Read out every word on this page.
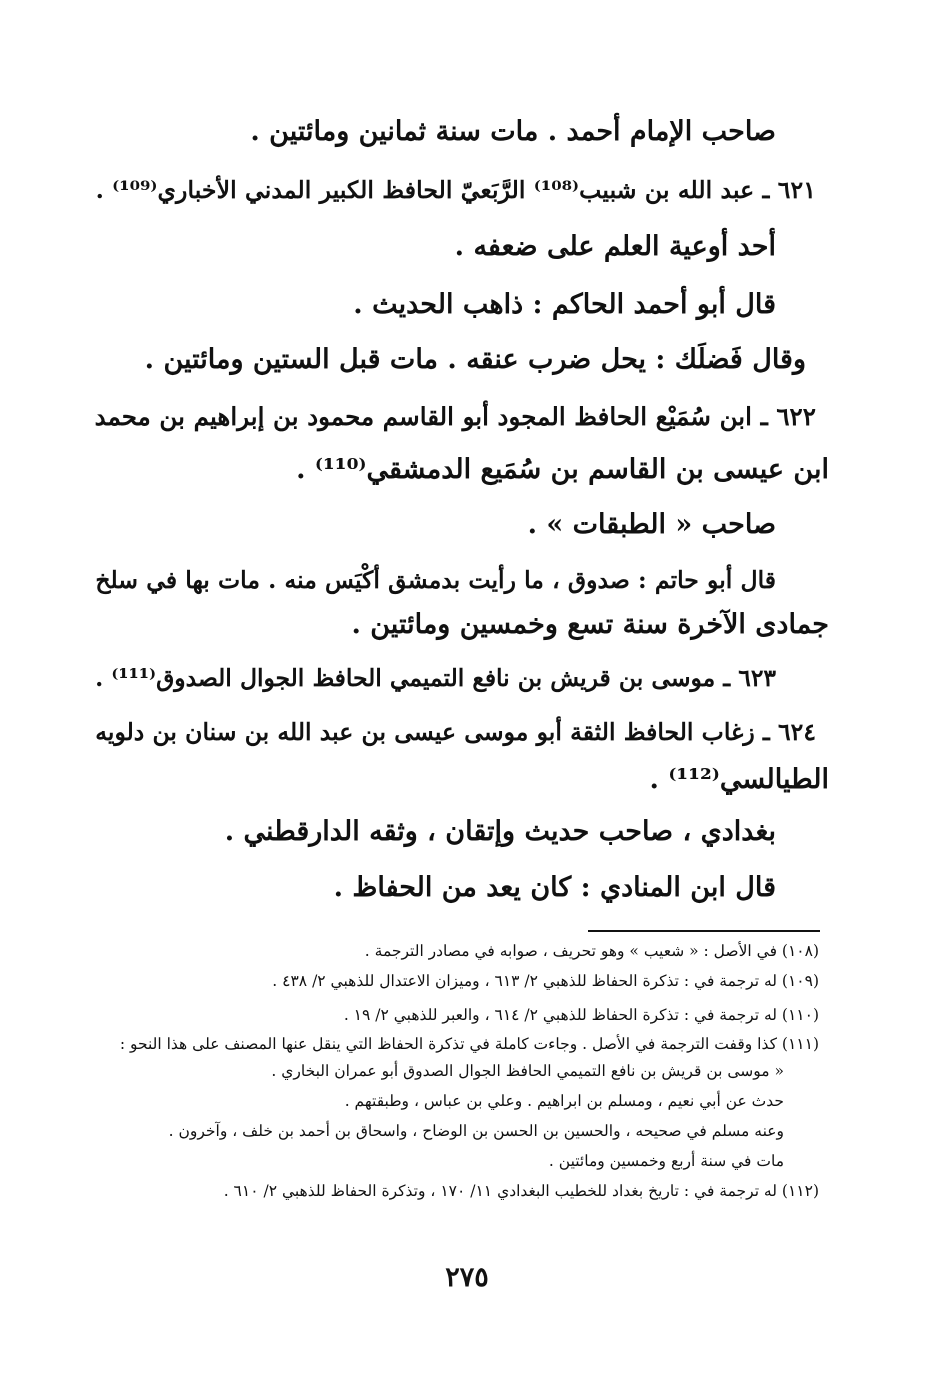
صاحب الإمام أحمد . مات سنة ثمانين ومائتين .
٦٢١ ـ عبد الله بن شبيب⁽¹⁰⁸⁾ الرَّبَعيّ الحافظ الكبير المدني الأخباري⁽¹⁰⁹⁾ .
أحد أوعية العلم على ضعفه .
قال أبو أحمد الحاكم : ذاهب الحديث .
وقال فَضلَك : يحل ضرب عنقه . مات قبل الستين ومائتين .
٦٢٢ ـ ابن سُمَيْع الحافظ المجود أبو القاسم محمود بن إبراهيم بن محمد
ابن عيسى بن القاسم بن سُمَيع الدمشقي⁽¹¹⁰⁾ .
صاحب « الطبقات » .
قال أبو حاتم : صدوق ، ما رأيت بدمشق أكْيَس منه . مات بها في سلخ
جمادى الآخرة سنة تسع وخمسين ومائتين .
٦٢٣ ـ موسى بن قريش بن نافع التميمي الحافظ الجوال الصدوق⁽¹¹¹⁾ .
٦٢٤ ـ زغاب الحافظ الثقة أبو موسى عيسى بن عبد الله بن سنان بن دلويه
الطيالسي⁽¹¹²⁾ .
بغدادي ، صاحب حديث وإتقان ، وثقه الدارقطني .
قال ابن المنادي : كان يعد من الحفاظ .
(١٠٨) في الأصل : « شعيب » وهو تحريف ، صوابه في مصادر الترجمة .
(١٠٩) له ترجمة في : تذكرة الحفاظ للذهبي ٢/ ٦١٣ ، وميزان الاعتدال للذهبي ٢/ ٤٣٨ .
(١١٠) له ترجمة في : تذكرة الحفاظ للذهبي ٢/ ٦١٤ ، والعبر للذهبي ٢/ ١٩ .
(١١١) كذا وقفت الترجمة في الأصل . وجاءت كاملة في تذكرة الحفاظ التي ينقل عنها المصنف على هذا النحو :
« موسى بن قريش بن نافع التميمي الحافظ الجوال الصدوق أبو عمران البخاري .
حدث عن أبي نعيم ، ومسلم بن ابراهيم . وعلي بن عباس ، وطبقتهم .
وعنه مسلم في صحيحه ، والحسين بن الحسن بن الوضاح ، واسحاق بن أحمد بن خلف ، وآخرون .
مات في سنة أربع وخمسين ومائتين .
(١١٢) له ترجمة في : تاريخ بغداد للخطيب البغدادي ١١/ ١٧٠ ، وتذكرة الحفاظ للذهبي ٢/ ٦١٠ .
٢٧٥
